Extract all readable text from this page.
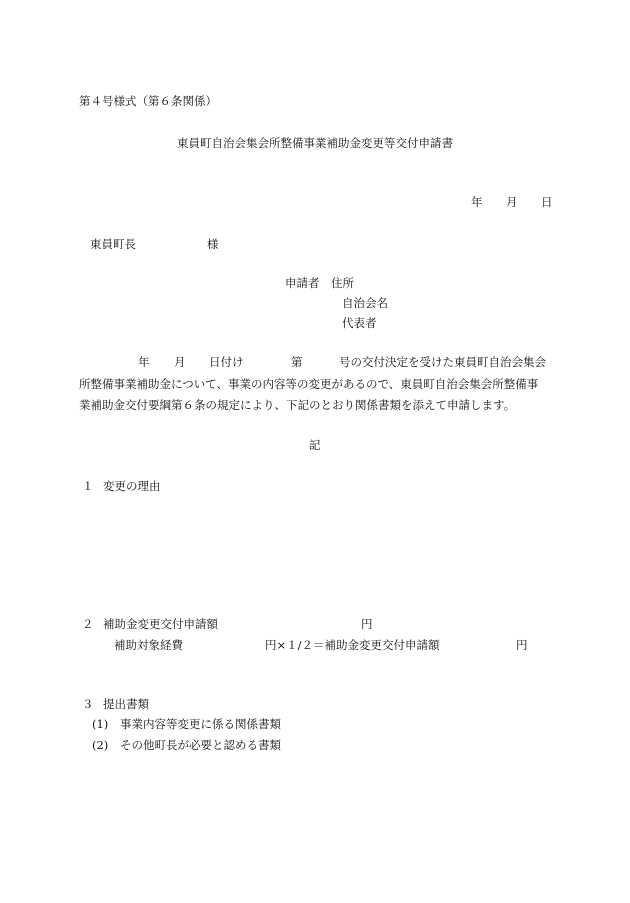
第４号様式（第６条関係）
東員町自治会集会所整備事業補助金変更等交付申請書
年 月 日
東員町長	様
申請者 住所
自治会名
代表者
年 月 日付け	第	号の交付決定を受けた東員町自治会集会
所整備事業補助金について、事業の内容等の変更があるので、東員町自治会集会所整備事
業補助金交付要綱第６条の規定により、下記のとおり関係書類を添えて申請します。
記
１ 変更の理由
２ 補助金変更交付申請額	円
補助対象経費	円×１/２＝補助金変更交付申請額	円
３ 提出書類
(1) 事業内容等変更に係る関係書類
(2) その他町長が必要と認める書類
